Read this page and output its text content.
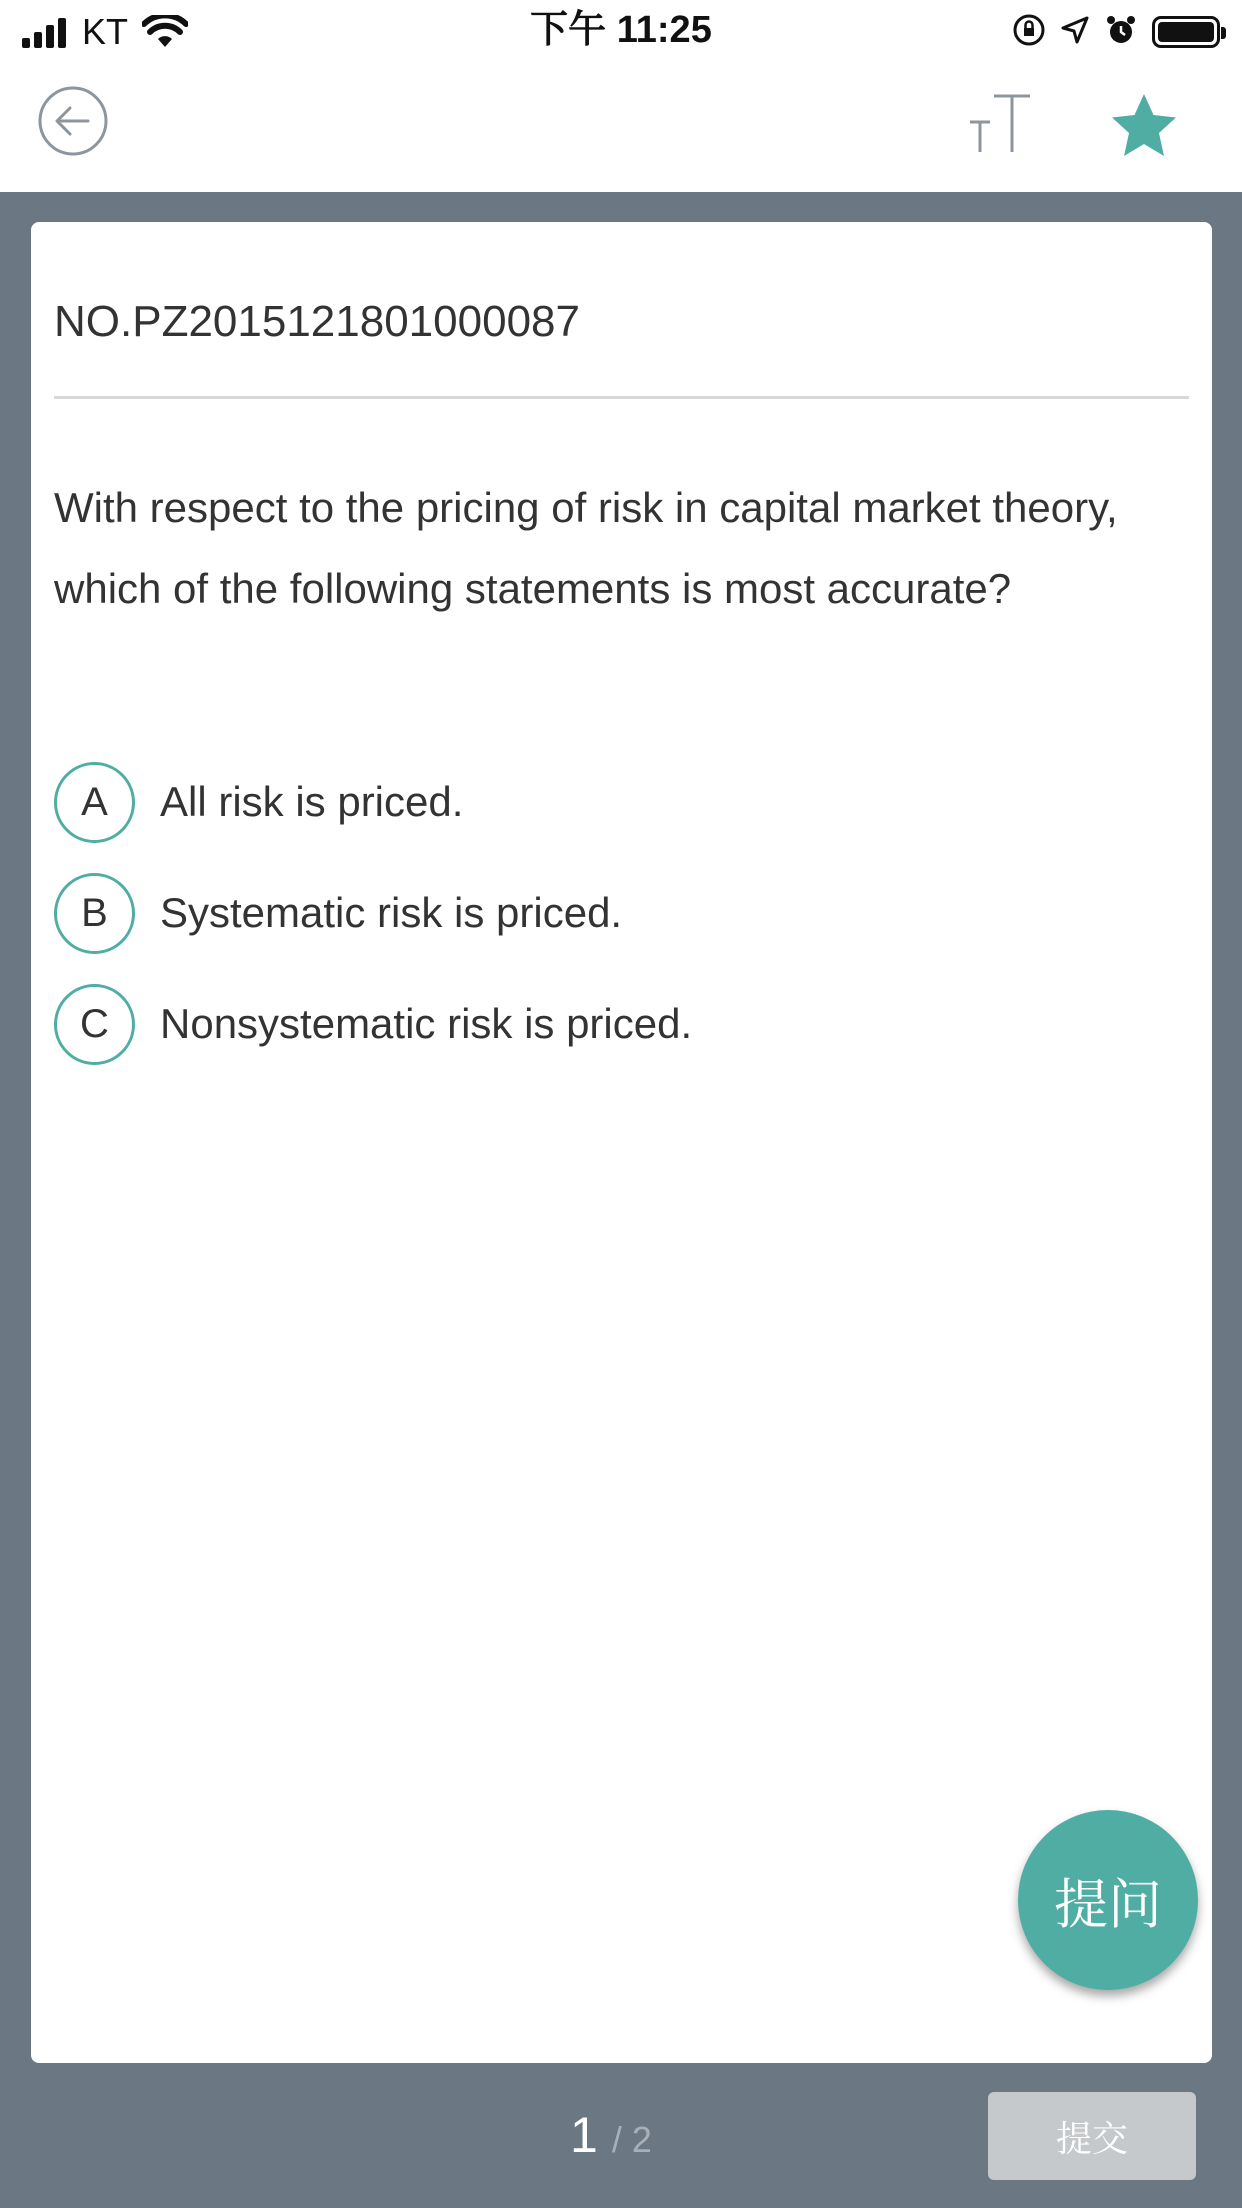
KT	下午 11:25
NO.PZ2015121801000087
With respect to the pricing of risk in capital market theory, which of the following statements is most accurate?
A	All risk is priced.
B	Systematic risk is priced.
C	Nonsystematic risk is priced.
提问
1 / 2	提交
